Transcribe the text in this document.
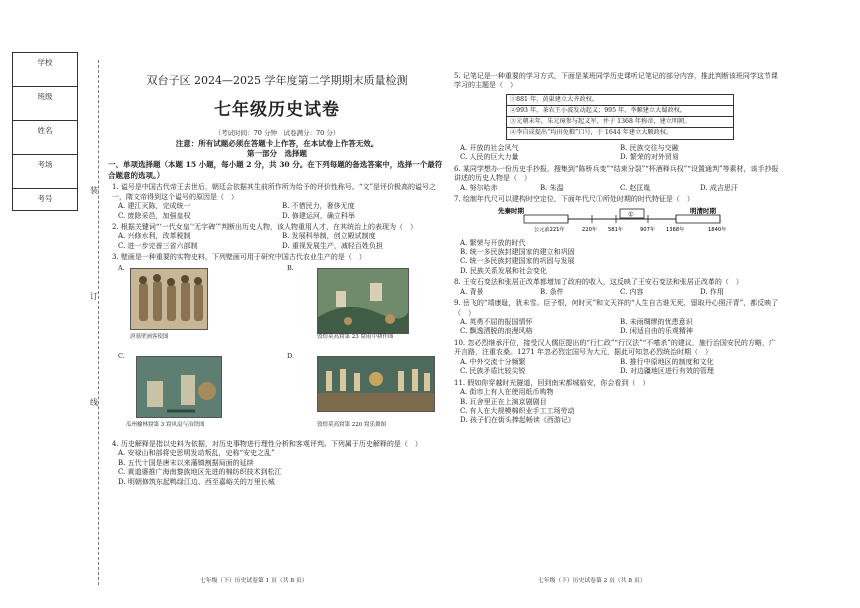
学校
班级
姓名
考场
考号
装
订
线
双台子区 2024—2025 学年度第二学期期末质量检测
七年级历史试卷
（考试时间：70 分钟　试卷满分：70 分）
注意：所有试题必须在答题卡上作答，在本试卷上作答无效。
第一部分　选择题
一、单项选择题（本题 15 小题，每小题 2 分，共 30 分。在下列每题的备选答案中，选择一个最符合题意的选项。）
1. 谥号是中国古代帝王去世后，朝廷会依据其生前所作所为给予的评价性称号。“文”是评价极高的谥号之一，隋文帝得到这个谥号的原因是（　）
A. 建江灭陈，完成统一	B. 不惜民力，奢侈无度
C. 废除采邑，加强皇权	D. 修建运河，确立科举
2. 根据关键词“‘一代女皇’‘无字碑’”判断出历史人物，该人物重用人才，在其统治上的表现为（　）
A. 兴修水利，改革税制	B. 发展科举制，创立殿试制度
C. 进一步完善三省六部制	D. 重视发展生产，减轻百姓负担
3. 壁画是一种重要的实物史料，下列壁画可用于研究中国古代农业生产的是（　）
A.
唐墓壁画客使图
B.
敦煌莫高窟第 23 窟雨中耕作图
C.
瓜州榆林窟第 3 窟风扇与冶铁图
D.
敦煌莫高窟第 220 窟乐舞图
4. 历史解释是指以史料为依据，对历史事物进行理性分析和客观评判。下列属于历史解释的是（　）
A. 安禄山和部将史思明发动叛乱，史称“安史之乱”
B. 五代十国是唐末以来藩镇割据局面的延续
C. 黄道婆推广海南黎族地区先进的棉纺织技术到松江
D. 明朝修筑东起鸭绿江边、西至嘉峪关的万里长城
5. 记笔记是一种重要的学习方式，下面是某班同学历史课听记笔记的部分内容，推此判断该班同学这节课学习的主题是（　）
①881 年，黄巢建立大齐政权。
②993 年，茶农王小波发动起义；995 年，李顺建立大蜀政权。
③元朝末年，朱元璋参与起义军，并于 1368 年称帝，建立明朝。
④李自成提出“均田免粮”口号，于 1644 年建立大顺政权。
A. 开放的社会风气	B. 民族交往与交融
C. 人民的巨大力量	D. 繁荣的对外贸易
6. 某同学想办一份历史手抄报，搜集到“陈桥兵变”“结束分裂”“杯酒释兵权”“设置通判”等素材，该手抄报讲述的历史人物是（　）
A. 努尔哈赤	B. 朱温	C. 赵匡胤	D. 成吉思汗
7. 绘制年代尺可以建构时空定位，下面年代尺①所处时期的时代特征是（　）
先秦时期	明清时期
①
公元前221年	220年 581年	907年 1368年	1840年
A. 繁荣与开放的时代
B. 统一多民族封建国家的建立和巩固
C. 统一多民族封建国家的巩固与发展
D. 民族关系发展和社会变化
8. 王安石变法和张居正改革都增加了政府的收入，这反映了王安石变法和张居正改革的（　）
A. 背景	B. 条件	C. 内容	D. 作用
9. 岳飞的“靖康耻，犹未雪。臣子恨，何时灭”和文天祥的“人生自古谁无死，留取丹心照汗青”，都反映了（　）
A. 英勇不屈的报国情怀	B. 未雨绸缪的忧患意识
C. 飘逸洒脱的浪漫风格	D. 闲适自由的乐观精神
10. 忽必烈继承汗位，接受汉人儒臣提出的“行仁政”“行汉法”“不嗜杀”的建议，施行治国安民的方略，广开言路，注重农桑。1271 年忽必烈定国号为大元，据此可知忽必烈统治时期（　）
A. 中外交流十分频繁	B. 推行中原地区的制度和文化
C. 民族矛盾比较尖锐	D. 对边疆地区进行有效的管理
11. 假如你穿越时光隧道，回到南宋都城临安，你会看到（　）
A. 街市上有人在使用纸币购物
B. 瓦舍里正在上演京剧剧目
C. 有人在大规模棉织业手工工场劳动
D. 孩子们在街头捧起畅读《西游记》
七年级（下）历史试卷第 1 页（共 8 页）	七年级（下）历史试卷第 2 页（共 8 页）
